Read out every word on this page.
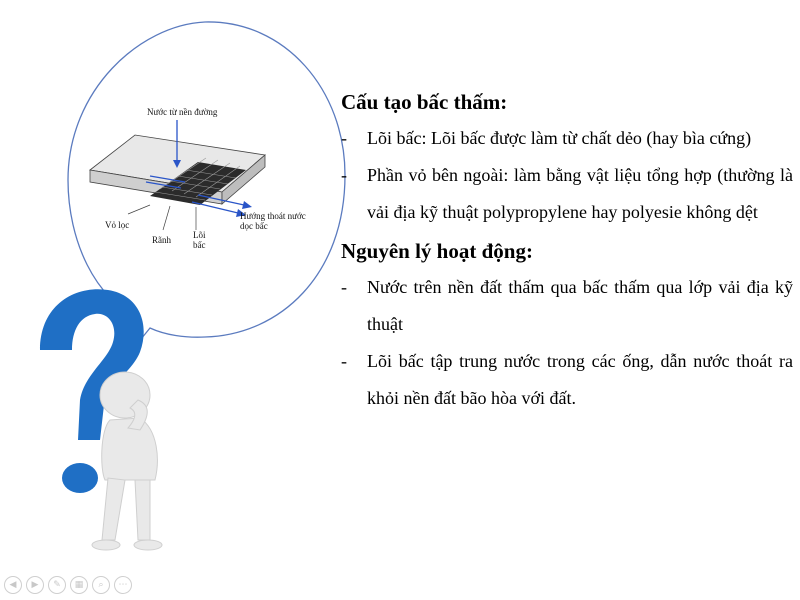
Nước từ nền đường
Vỏ lọc
Rãnh Lõi
bấc
Hướng thoát nước
dọc bấc
Cấu tạo bấc thấm:
- Lõi bấc: Lõi bấc được làm từ chất dẻo (hay bìa cứng)
- Phần vỏ bên ngoài: làm bằng vật liệu tổng hợp (thường là vải địa kỹ thuật polypropylene hay polyesie không dệt
Nguyên lý hoạt động:
- Nước trên nền đất thấm qua bấc thấm qua lớp vải địa kỹ thuật
- Lõi bấc tập trung nước trong các ống, dẫn nước thoát ra khỏi nền đất bão hòa với đất.
◀	▶	✎	▦	⌕	⋯
